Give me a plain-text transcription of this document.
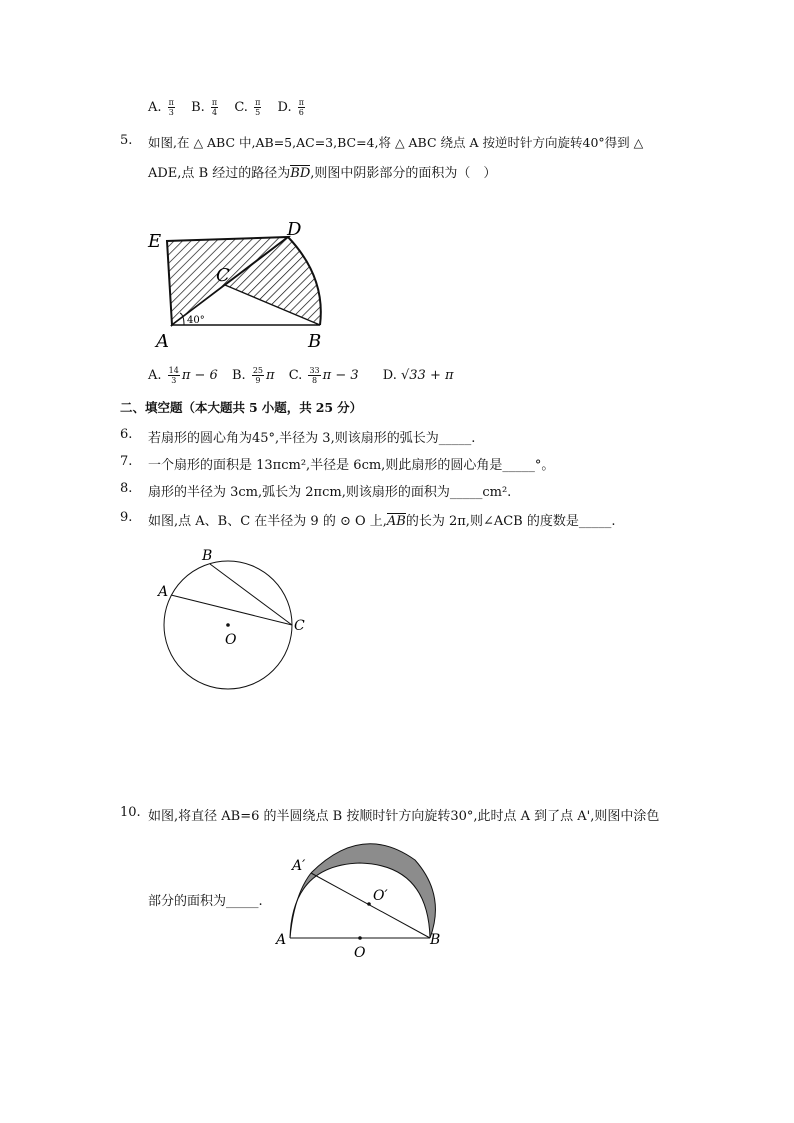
A. $\frac{\pi}{3} B$. $\frac{\pi}{4} C$. $\frac{\pi}{5} D$. $\frac{\pi}{6}$
5. 如图,在 △ ABC 中,AB=5,AC=3,BC=4,将 △ ABC 绕点 A 按逆时针方向旋转40°得到 △
ADE,点 B 经过的路径为BD,则图中阴影部分的面积为（　）
E
D
C
A	B
40°
A. $\frac{14}{3}$ π − 6 B. $\frac{25}{9}$ π C. $\frac{33}{8}$ π − 3 D. √33 + π
二、填空题（本大题共 5 小题，共 25 分）
6. 若扇形的圆心角为45°,半径为 3,则该扇形的弧长为_____.
7. 一个扇形的面积是 13πcm²,半径是 6cm,则此扇形的圆心角是_____°。
8. 扇形的半径为 3cm,弧长为 2πcm,则该扇形的面积为_____cm².
9. 如图,点 A、B、C 在半径为 9 的 ⊙ O 上,AB的长为 2π,则∠ACB 的度数是_____.
A
B
C
O
10. 如图,将直径 AB=6 的半圆绕点 B 按顺时针方向旋转30°,此时点 A 到了点 A',则图中涂色
部分的面积为_____.
A′
O′
A
O
B
